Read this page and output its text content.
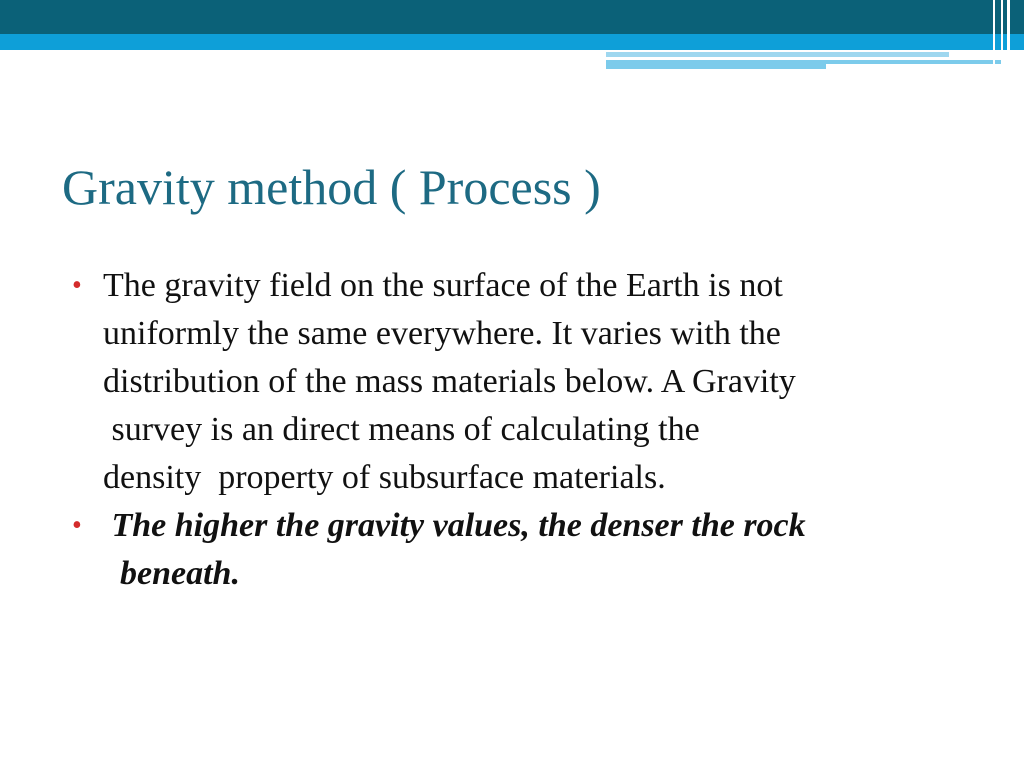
Gravity method ( Process )
• The gravity field on the surface of the Earth is not
uniformly the same everywhere. It varies with the
distribution of the mass materials below. A Gravity
survey is an direct means of calculating the
density  property of subsurface materials.
• The higher the gravity values, the denser the rock
beneath.
